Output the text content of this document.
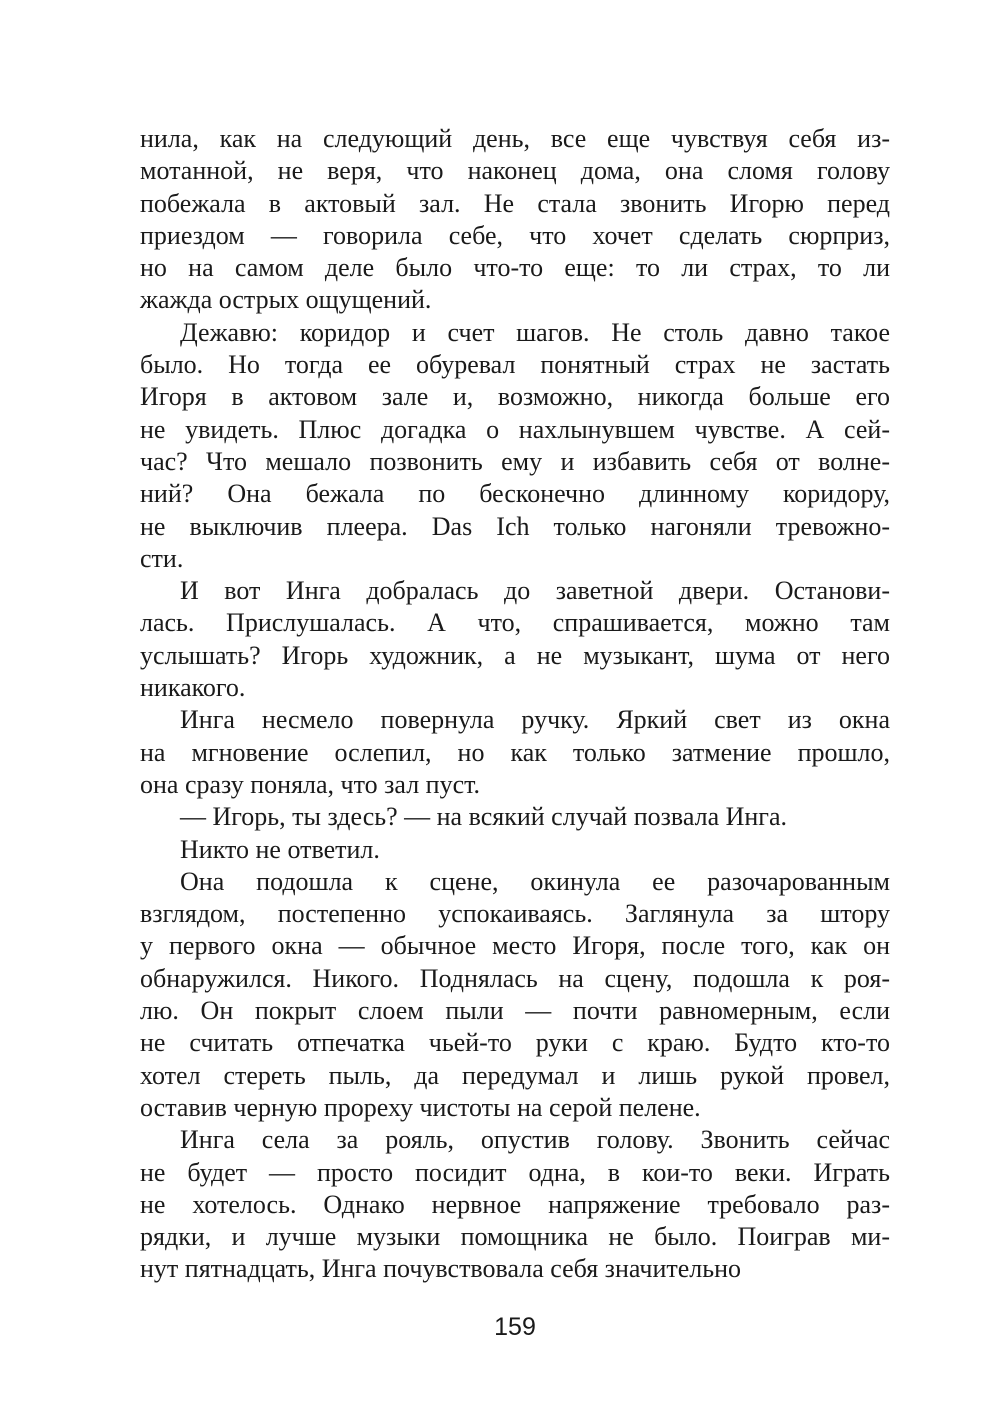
нила, как на следующий день, все еще чувствуя себя из-
мотанной, не веря, что наконец дома, она сломя голову
побежала в актовый зал. Не стала звонить Игорю перед
приездом — говорила себе, что хочет сделать сюрприз,
но на самом деле было что-то еще: то ли страх, то ли
жажда острых ощущений.
Дежавю: коридор и счет шагов. Не столь давно такое
было. Но тогда ее обуревал понятный страх не застать
Игоря в актовом зале и, возможно, никогда больше его
не увидеть. Плюс догадка о нахлынувшем чувстве. А сей-
час? Что мешало позвонить ему и избавить себя от волне-
ний? Она бежала по бесконечно длинному коридору,
не выключив плеера. Das Ich только нагоняли тревожно-
сти.
И вот Инга добралась до заветной двери. Останови-
лась. Прислушалась. А что, спрашивается, можно там
услышать? Игорь художник, а не музыкант, шума от него
никакого.
Инга несмело повернула ручку. Яркий свет из окна
на мгновение ослепил, но как только затмение прошло,
она сразу поняла, что зал пуст.
— Игорь, ты здесь? — на всякий случай позвала Инга.
Никто не ответил.
Она подошла к сцене, окинула ее разочарованным
взглядом, постепенно успокаиваясь. Заглянула за штору
у первого окна — обычное место Игоря, после того, как он
обнаружился. Никого. Поднялась на сцену, подошла к роя-
лю. Он покрыт слоем пыли — почти равномерным, если
не считать отпечатка чьей-то руки с краю. Будто кто-то
хотел стереть пыль, да передумал и лишь рукой провел,
оставив черную прореху чистоты на серой пелене.
Инга села за рояль, опустив голову. Звонить сейчас
не будет — просто посидит одна, в кои-то веки. Играть
не хотелось. Однако нервное напряжение требовало раз-
рядки, и лучше музыки помощника не было. Поиграв ми-
нут пятнадцать, Инга почувствовала себя значительно
159
